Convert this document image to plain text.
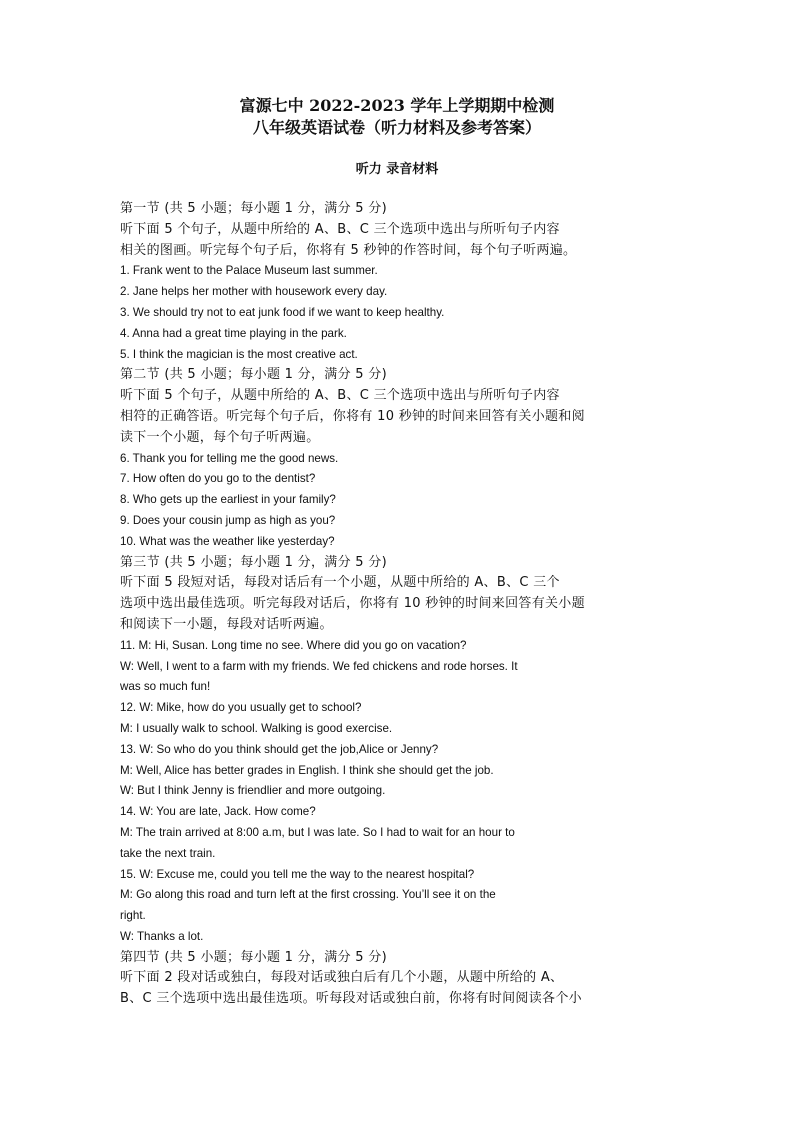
富源七中 2022-2023 学年上学期期中检测
八年级英语试卷（听力材料及参考答案）
听力 录音材料
第一节 (共 5 小题；每小题 1 分，满分 5 分)
听下面 5 个句子，从题中所给的 A、B、C 三个选项中选出与所听句子内容
相关的图画。听完每个句子后，你将有 5 秒钟的作答时间，每个句子听两遍。
1. Frank went to the Palace Museum last summer.
2. Jane helps her mother with housework every day.
3. We should try not to eat junk food if we want to keep healthy.
4. Anna had a great time playing in the park.
5. I think the magician is the most creative act.
第二节 (共 5 小题；每小题 1 分，满分 5 分)
听下面 5 个句子，从题中所给的 A、B、C 三个选项中选出与所听句子内容
相符的正确答语。听完每个句子后，你将有 10 秒钟的时间来回答有关小题和阅
读下一个小题，每个句子听两遍。
6. Thank you for telling me the good news.
7. How often do you go to the dentist?
8. Who gets up the earliest in your family?
9. Does your cousin jump as high as you?
10. What was the weather like yesterday?
第三节 (共 5 小题；每小题 1 分，满分 5 分)
听下面 5 段短对话，每段对话后有一个小题，从题中所给的 A、B、C 三个
选项中选出最佳选项。听完每段对话后，你将有 10 秒钟的时间来回答有关小题
和阅读下一小题，每段对话听两遍。
11. M: Hi, Susan. Long time no see. Where did you go on vacation?
W: Well, I went to a farm with my friends. We fed chickens and rode horses. It
was so much fun!
12. W: Mike, how do you usually get to school?
M: I usually walk to school. Walking is good exercise.
13. W: So who do you think should get the job,Alice or Jenny?
M: Well, Alice has better grades in English. I think she should get the job.
W: But I think Jenny is friendlier and more outgoing.
14. W: You are late, Jack. How come?
M: The train arrived at 8:00 a.m, but I was late. So I had to wait for an hour to
take the next train.
15. W: Excuse me, could you tell me the way to the nearest hospital?
M: Go along this road and turn left at the first crossing. You’ll see it on the
right.
W: Thanks a lot.
第四节 (共 5 小题；每小题 1 分，满分 5 分)
听下面 2 段对话或独白，每段对话或独白后有几个小题，从题中所给的 A、
B、C 三个选项中选出最佳选项。听每段对话或独白前，你将有时间阅读各个小
